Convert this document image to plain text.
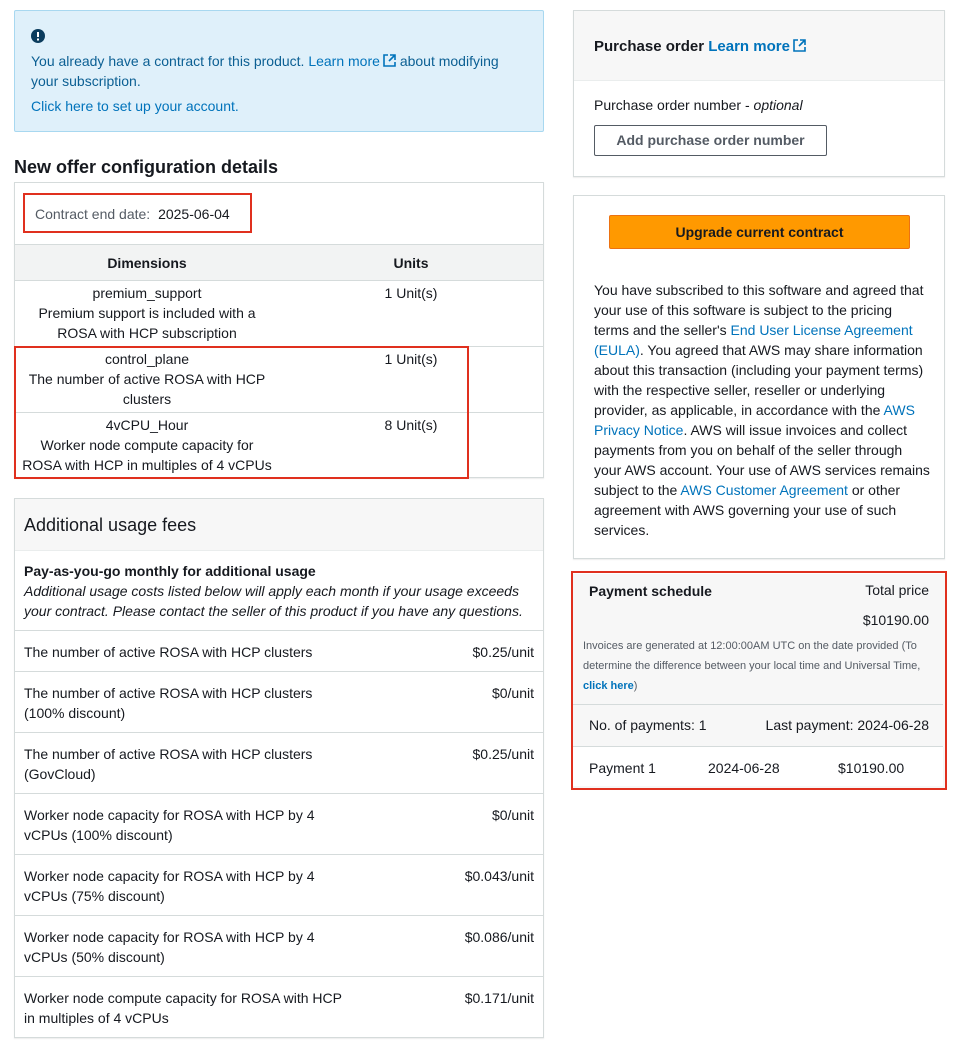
You already have a contract for this product. Learn more about modifying
your subscription.
Click here to set up your account.
New offer configuration details
Contract end date: 2025-06-04
Dimensions	Units
premium_support
Premium support is included with a
ROSA with HCP subscription
1 Unit(s)
control_plane
The number of active ROSA with HCP
clusters
1 Unit(s)
4vCPU_Hour
Worker node compute capacity for
ROSA with HCP in multiples of 4 vCPUs
8 Unit(s)
Additional usage fees
Pay-as-you-go monthly for additional usage
Additional usage costs listed below will apply each month if your usage exceeds
your contract. Please contact the seller of this product if you have any questions.
The number of active ROSA with HCP clusters	$0.25/unit
The number of active ROSA with HCP clusters
(100% discount)
$0/unit
The number of active ROSA with HCP clusters
(GovCloud)
$0.25/unit
Worker node capacity for ROSA with HCP by 4
vCPUs (100% discount)
$0/unit
Worker node capacity for ROSA with HCP by 4
vCPUs (75% discount)
$0.043/unit
Worker node capacity for ROSA with HCP by 4
vCPUs (50% discount)
$0.086/unit
Worker node compute capacity for ROSA with HCP
in multiples of 4 vCPUs
$0.171/unit
Purchase order Learn more
Purchase order number - optional
Add purchase order number
Upgrade current contract
You have subscribed to this software and agreed that your use of this software is subject to the pricing terms and the seller's End User License Agreement (EULA). You agreed that AWS may share information about this transaction (including your payment terms) with the respective seller, reseller or underlying provider, as applicable, in accordance with the AWS Privacy Notice. AWS will issue invoices and collect payments from you on behalf of the seller through your AWS account. Your use of AWS services remains subject to the AWS Customer Agreement or other agreement with AWS governing your use of such services.
Payment schedule	Total price
$10190.00
Invoices are generated at 12:00:00AM UTC on the date provided (To determine the difference between your local time and Universal Time, click here)
No. of payments: 1	Last payment: 2024-06-28
Payment 1	2024-06-28	$10190.00
